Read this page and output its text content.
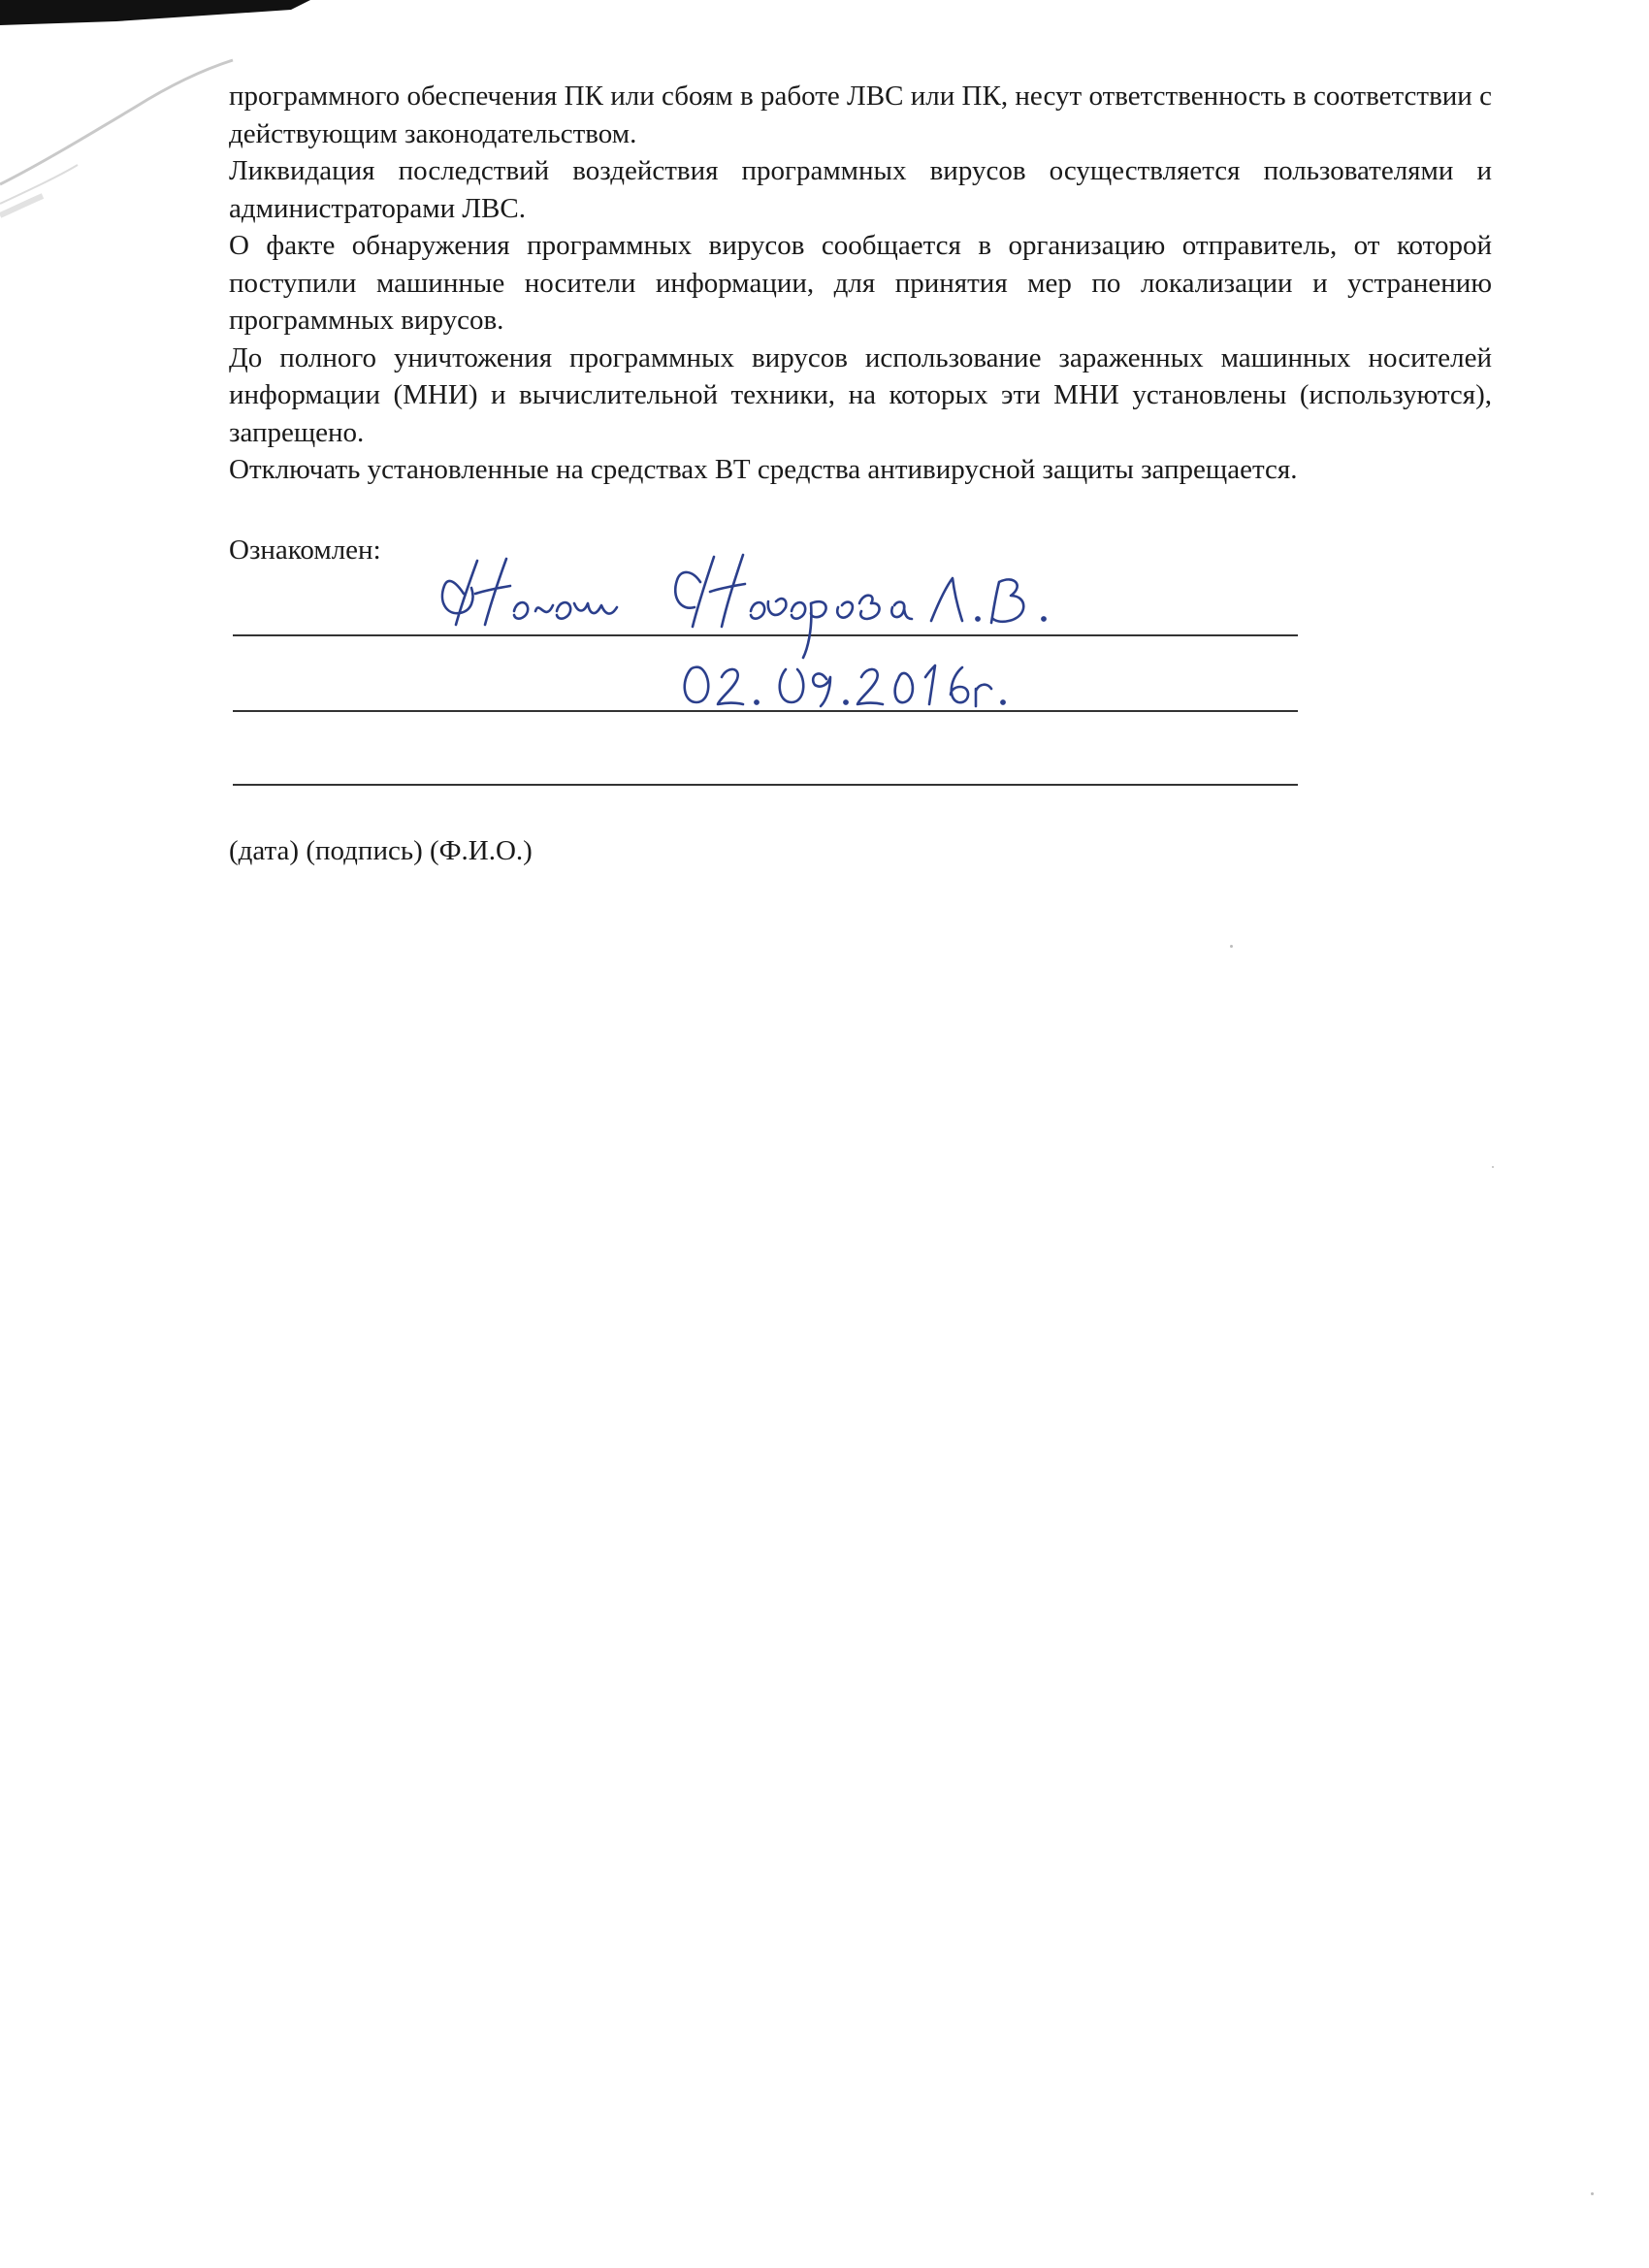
программного обеспечения ПК или сбоям в работе ЛВС или ПК, несут ответственность в соответствии с действующим законодательством.

Ликвидация последствий воздействия программных вирусов осуществляется пользователями и администраторами ЛВС.

О факте обнаружения программных вирусов сообщается в организацию отправитель, от которой поступили машинные носители информации, для принятия мер по локализации и устранению программных вирусов.

До полного уничтожения программных вирусов использование зараженных машинных носителей информации (МНИ) и вычислительной техники, на которых эти МНИ установлены (используются), запрещено.

Отключать установленные на средствах ВТ средства антивирусной защиты запрещается.

Ознакомлен:
(дата) (подпись) (Ф.И.О.)
